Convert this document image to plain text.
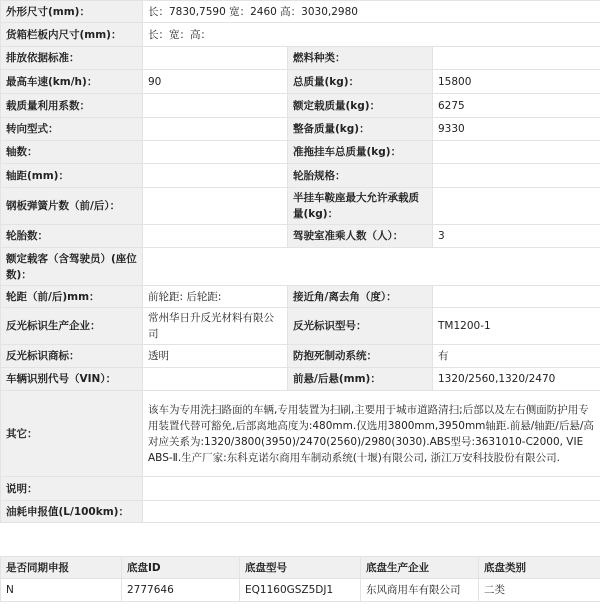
外形尺寸(mm)：	长：7830,7590 宽：2460 高：3030,2980		
货箱栏板内尺寸(mm)：	长：宽：高：		
排放依据标准：		燃料种类：	
最高车速(km/h)：	90	总质量(kg)：	15800
载质量利用系数：		额定载质量(kg)：	6275
转向型式：		整备质量(kg)：	9330
轴数：		准拖挂车总质量(kg)：	
轴距(mm)：		轮胎规格：	
钢板弹簧片数（前/后）：		半挂车鞍座最大允许承载质量(kg)：	
轮胎数：		驾驶室准乘人数（人）：	3
额定载客（含驾驶员）(座位数)：			
轮距（前/后)mm：	前轮距: 后轮距:	接近角/离去角（度）：	
反光标识生产企业：	常州华日升反光材料有限公司	反光标识型号：	TM1200-1
反光标识商标：	透明	防抱死制动系统：	有
车辆识别代号（VIN）：		前悬/后悬(mm)：	1320/2560,1320/2470
其它：	该车为专用洗扫路面的车辆,专用装置为扫刷,主要用于城市道路清扫;后部以及左右侧面防护用专用装置代替可豁免,后部离地高度为:480mm.仅选用3800mm,3950mm轴距.前悬/轴距/后悬/高对应关系为:1320/3800(3950)/2470(2560)/2980(3030).ABS型号:3631010-C2000, VIE ABS-Ⅱ.生产厂家:东科克诺尔商用车制动系统(十堰)有限公司, 浙江万安科技股份有限公司.		
说明：			
油耗申报值(L/100km)：			
是否同期申报	底盘ID	底盘型号	底盘生产企业	底盘类别
N	2777646	EQ1160GSZ5DJ1	东风商用车有限公司	二类
